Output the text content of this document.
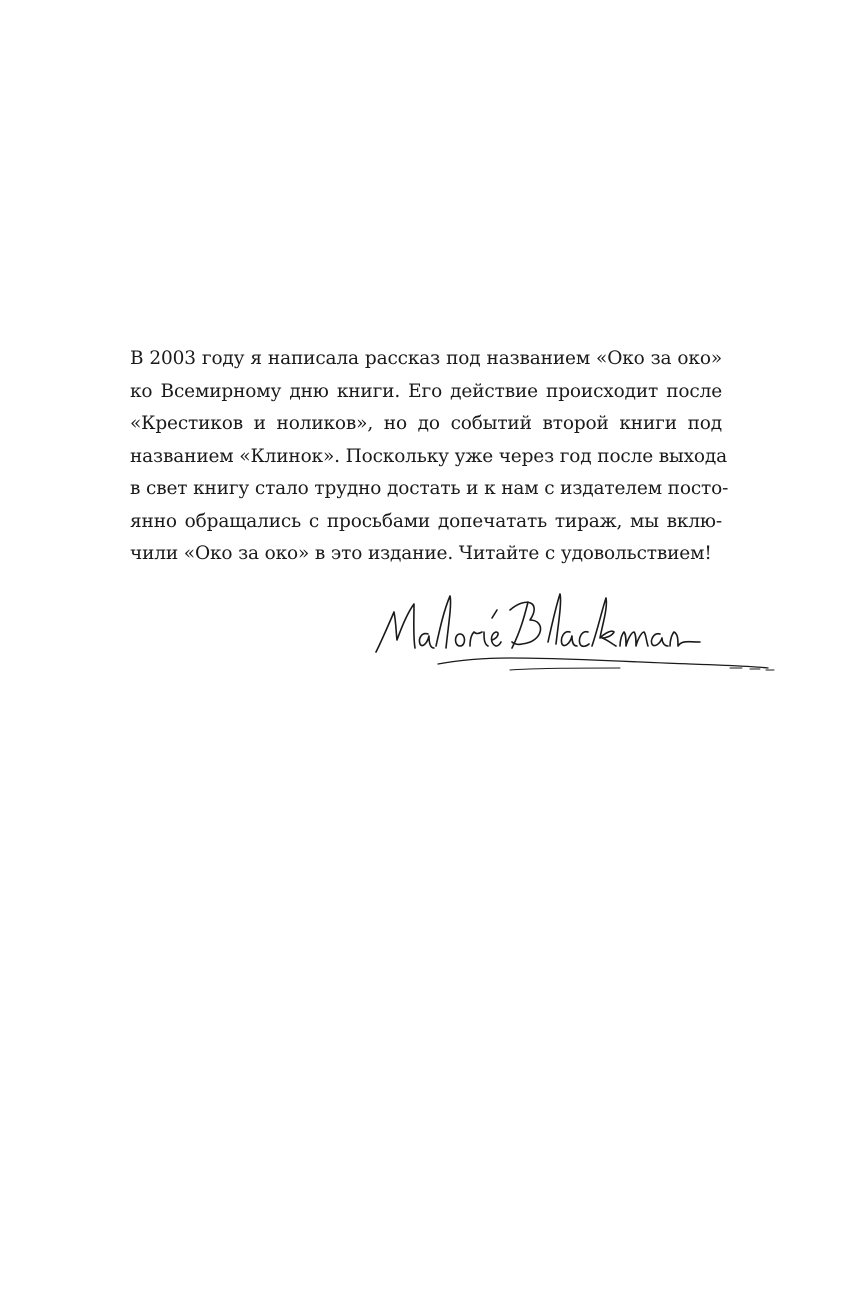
В 2003 году я написала рассказ под названием «Око за око»
ко Всемирному дню книги. Его действие происходит после
«Крестиков и ноликов», но до событий второй книги под
названием «Клинок». Поскольку уже через год после выхода
в свет книгу стало трудно достать и к нам с издателем посто-
янно обращались с просьбами допечатать тираж, мы вклю-
чили «Око за око» в это издание. Читайте с удовольствием!
